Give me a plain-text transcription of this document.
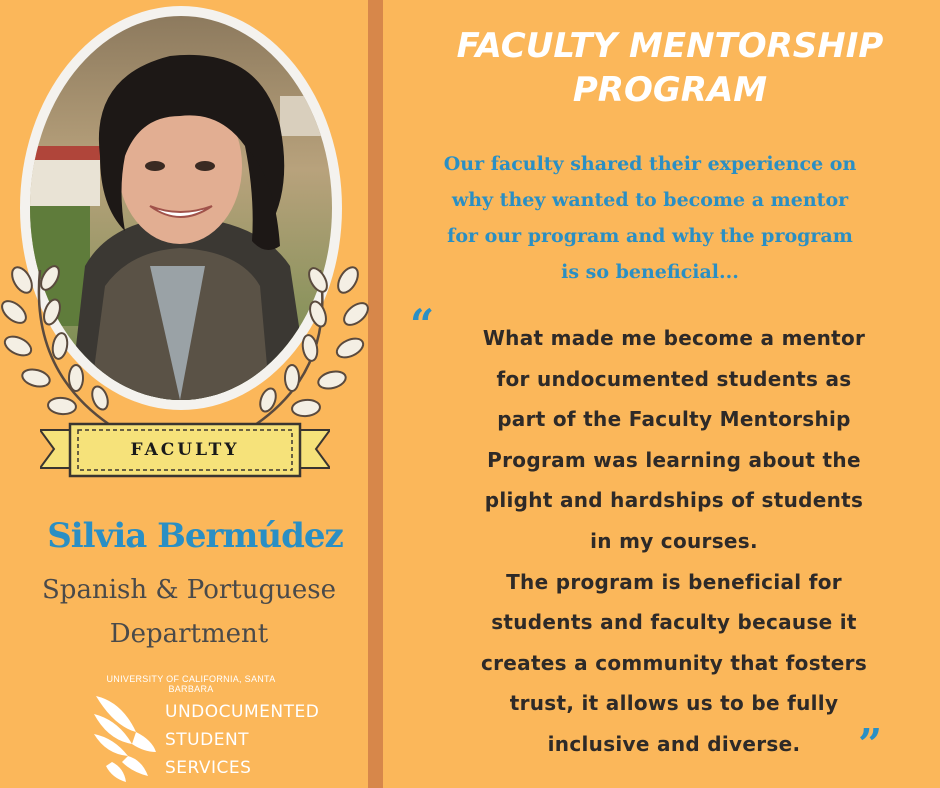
FACULTY
Silvia Bermúdez
Spanish & Portuguese
Department
UNIVERSITY OF CALIFORNIA, SANTA BARBARA
UNDOCUMENTED
STUDENT
SERVICES
FACULTY MENTORSHIP
PROGRAM
Our faculty shared their experience on
why they wanted to become a mentor
for our program and why the program
is so beneficial...
“	What made me become a mentor
for undocumented students as
part of the Faculty Mentorship
Program was learning about the
plight and hardships of students
in my courses.
The program is beneficial for
students and faculty because it
creates a community that fosters
trust, it allows us to be fully
inclusive and diverse.	”
